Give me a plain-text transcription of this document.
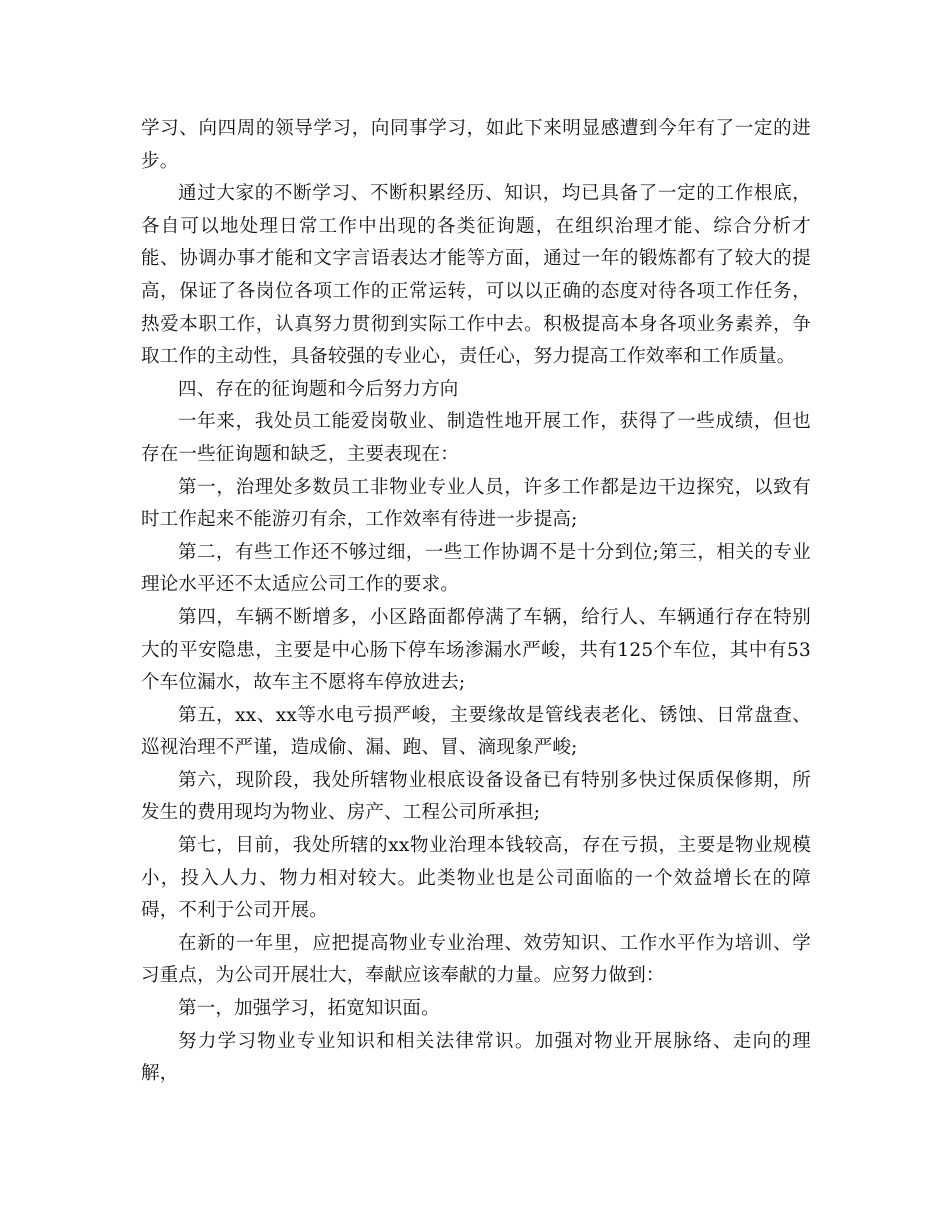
学习、向四周的领导学习，向同事学习，如此下来明显感遭到今年有了一定的进步。

通过大家的不断学习、不断积累经历、知识，均已具备了一定的工作根底，各自可以地处理日常工作中出现的各类征询题，在组织治理才能、综合分析才能、协调办事才能和文字言语表达才能等方面，通过一年的锻炼都有了较大的提高，保证了各岗位各项工作的正常运转，可以以正确的态度对待各项工作任务，热爱本职工作，认真努力贯彻到实际工作中去。积极提高本身各项业务素养，争取工作的主动性，具备较强的专业心，责任心，努力提高工作效率和工作质量。

四、存在的征询题和今后努力方向

一年来，我处员工能爱岗敬业、制造性地开展工作，获得了一些成绩，但也存在一些征询题和缺乏，主要表现在：

第一，治理处多数员工非物业专业人员，许多工作都是边干边探究，以致有时工作起来不能游刃有余，工作效率有待进一步提高;

第二，有些工作还不够过细，一些工作协调不是十分到位;第三，相关的专业理论水平还不太适应公司工作的要求。

第四，车辆不断增多，小区路面都停满了车辆，给行人、车辆通行存在特别大的平安隐患，主要是中心肠下停车场渗漏水严峻，共有125个车位，其中有53个车位漏水，故车主不愿将车停放进去;

第五，xx、xx等水电亏损严峻，主要缘故是管线表老化、锈蚀、日常盘查、巡视治理不严谨，造成偷、漏、跑、冒、滴现象严峻;

第六，现阶段，我处所辖物业根底设备设备已有特别多快过保质保修期，所发生的费用现均为物业、房产、工程公司所承担;

第七，目前，我处所辖的xx物业治理本钱较高，存在亏损，主要是物业规模小，投入人力、物力相对较大。此类物业也是公司面临的一个效益增长在的障碍，不利于公司开展。

在新的一年里，应把提高物业专业治理、效劳知识、工作水平作为培训、学习重点，为公司开展壮大，奉献应该奉献的力量。应努力做到：

第一，加强学习，拓宽知识面。

努力学习物业专业知识和相关法律常识。加强对物业开展脉络、走向的理解，
